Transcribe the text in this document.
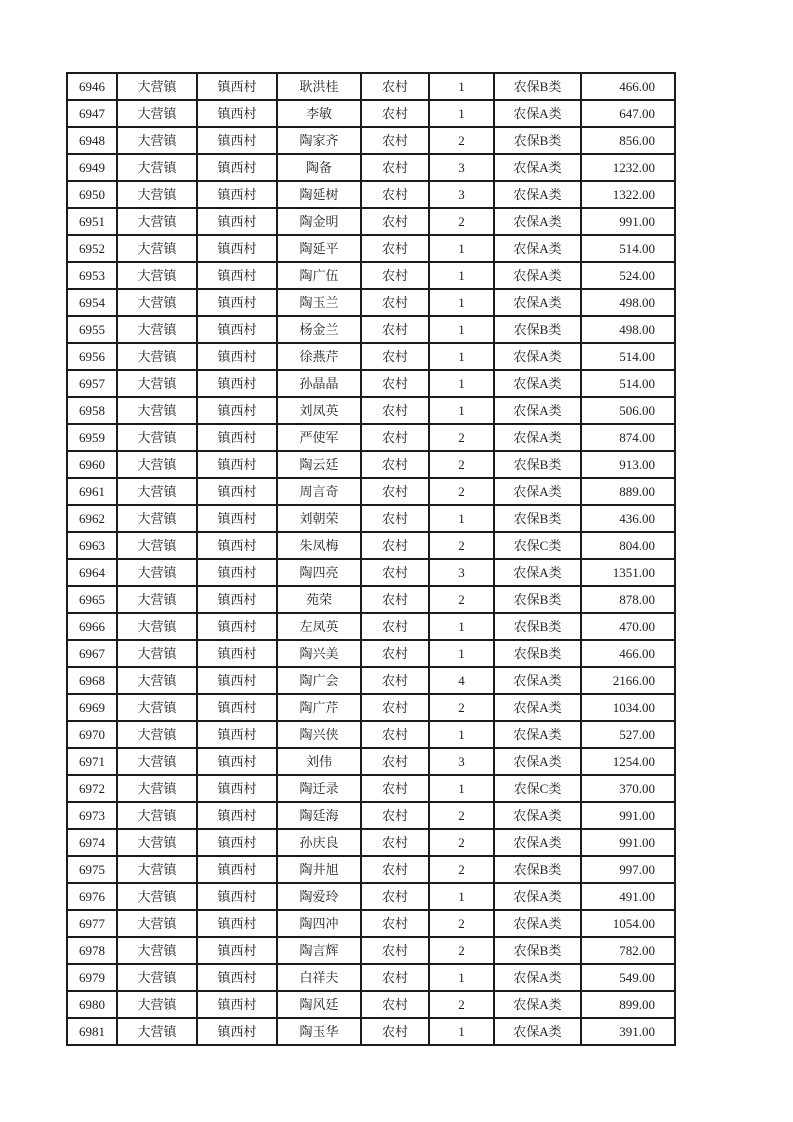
6946	大营镇	镇西村	耿洪桂	农村	1	农保B类	466.00
6947	大营镇	镇西村	李敏	农村	1	农保A类	647.00
6948	大营镇	镇西村	陶家齐	农村	2	农保B类	856.00
6949	大营镇	镇西村	陶备	农村	3	农保A类	1232.00
6950	大营镇	镇西村	陶延树	农村	3	农保A类	1322.00
6951	大营镇	镇西村	陶金明	农村	2	农保A类	991.00
6952	大营镇	镇西村	陶延平	农村	1	农保A类	514.00
6953	大营镇	镇西村	陶广伍	农村	1	农保A类	524.00
6954	大营镇	镇西村	陶玉兰	农村	1	农保A类	498.00
6955	大营镇	镇西村	杨金兰	农村	1	农保B类	498.00
6956	大营镇	镇西村	徐燕芹	农村	1	农保A类	514.00
6957	大营镇	镇西村	孙晶晶	农村	1	农保A类	514.00
6958	大营镇	镇西村	刘凤英	农村	1	农保A类	506.00
6959	大营镇	镇西村	严使军	农村	2	农保A类	874.00
6960	大营镇	镇西村	陶云廷	农村	2	农保B类	913.00
6961	大营镇	镇西村	周言奇	农村	2	农保A类	889.00
6962	大营镇	镇西村	刘朝荣	农村	1	农保B类	436.00
6963	大营镇	镇西村	朱凤梅	农村	2	农保C类	804.00
6964	大营镇	镇西村	陶四亮	农村	3	农保A类	1351.00
6965	大营镇	镇西村	苑荣	农村	2	农保B类	878.00
6966	大营镇	镇西村	左凤英	农村	1	农保B类	470.00
6967	大营镇	镇西村	陶兴美	农村	1	农保B类	466.00
6968	大营镇	镇西村	陶广会	农村	4	农保A类	2166.00
6969	大营镇	镇西村	陶广芹	农村	2	农保A类	1034.00
6970	大营镇	镇西村	陶兴侠	农村	1	农保A类	527.00
6971	大营镇	镇西村	刘伟	农村	3	农保A类	1254.00
6972	大营镇	镇西村	陶迁录	农村	1	农保C类	370.00
6973	大营镇	镇西村	陶廷海	农村	2	农保A类	991.00
6974	大营镇	镇西村	孙庆良	农村	2	农保A类	991.00
6975	大营镇	镇西村	陶井旭	农村	2	农保B类	997.00
6976	大营镇	镇西村	陶爱玲	农村	1	农保A类	491.00
6977	大营镇	镇西村	陶四冲	农村	2	农保A类	1054.00
6978	大营镇	镇西村	陶言辉	农村	2	农保B类	782.00
6979	大营镇	镇西村	白祥夫	农村	1	农保A类	549.00
6980	大营镇	镇西村	陶风廷	农村	2	农保A类	899.00
6981	大营镇	镇西村	陶玉华	农村	1	农保A类	391.00
